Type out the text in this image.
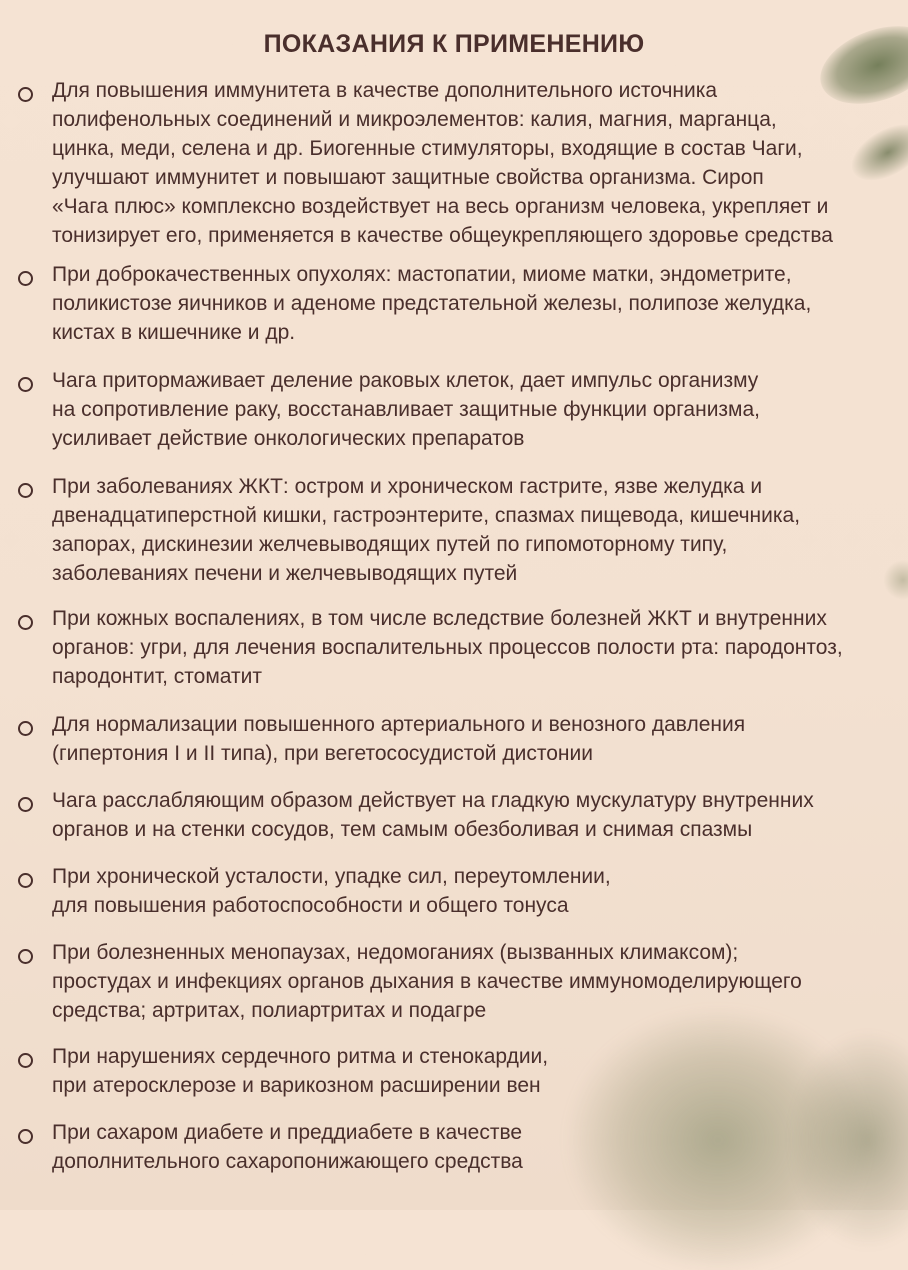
ПОКАЗАНИЯ К ПРИМЕНЕНИЮ
Для повышения иммунитета в качестве дополнительного источника
полифенольных соединений и микроэлементов: калия, магния, марганца,
цинка, меди, селена и др. Биогенные стимуляторы, входящие в состав Чаги,
улучшают иммунитет и повышают защитные свойства организма. Сироп
«Чага плюс» комплексно воздействует на весь организм человека, укрепляет и
тонизирует его, применяется в качестве общеукрепляющего здоровье средства
При доброкачественных опухолях: мастопатии, миоме матки, эндометрите,
поликистозе яичников и аденоме предстательной железы, полипозе желудка,
кистах в кишечнике и др.
Чага притормаживает деление раковых клеток, дает импульс организму
на сопротивление раку, восстанавливает защитные функции организма,
усиливает действие онкологических препаратов
При заболеваниях ЖКТ: остром и хроническом гастрите, язве желудка и
двенадцатиперстной кишки, гастроэнтерите, спазмах пищевода, кишечника,
запорах, дискинезии желчевыводящих путей по гипомоторному типу,
заболеваниях печени и желчевыводящих путей
При кожных воспалениях, в том числе вследствие болезней ЖКТ и внутренних
органов: угри, для лечения воспалительных процессов полости рта: пародонтоз,
пародонтит, стоматит
Для нормализации повышенного артериального и венозного давления
(гипертония I и II типа), при вегетососудистой дистонии
Чага расслабляющим образом действует на гладкую мускулатуру внутренних
органов и на стенки сосудов, тем самым обезболивая и снимая спазмы
При хронической усталости, упадке сил, переутомлении,
для повышения работоспособности и общего тонуса
При болезненных менопаузах, недомоганиях (вызванных климаксом);
простудах и инфекциях органов дыхания в качестве иммуномоделирующего
средства; артритах, полиартритах и подагре
При нарушениях сердечного ритма и стенокардии,
при атеросклерозе и варикозном расширении вен
При сахаром диабете и преддиабете в качестве
дополнительного сахаропонижающего средства
